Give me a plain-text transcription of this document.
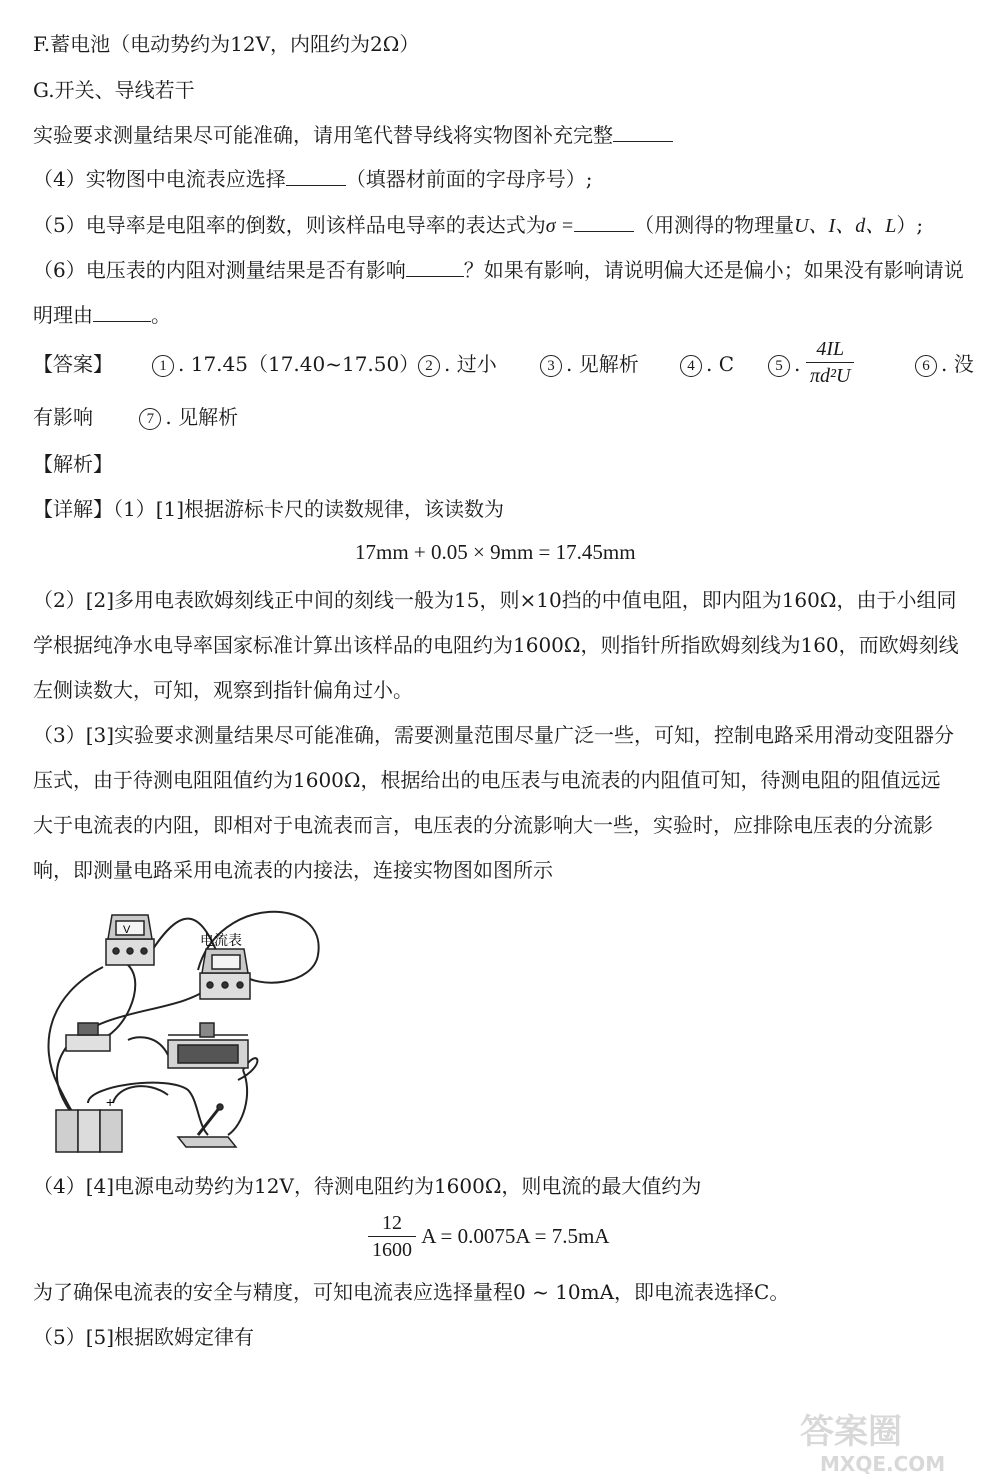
F.蓄电池（电动势约为12V，内阻约为2Ω）
G.开关、导线若干
实验要求测量结果尽可能准确，请用笔代替导线将实物图补充完整
（4）实物图中电流表应选择	（填器材前面的字母序号）;
（5）电导率是电阻率的倒数，则该样品电导率的表达式为σ =	（用测得的物理量U、I、d、L）;
（6）电压表的内阻对测量结果是否有影响	？如果有影响，请说明偏大还是偏小；如果没有影响请说
明理由	。
【答案】	1 . 17.45（17.40~17.50） 2 . 过小	3 . 见解析	4 . C	5 . $\frac{4IL}{\text{πd²U}}$	6 . 没
有影响	7 . 见解析
【解析】
【详解】（1）[1]根据游标卡尺的读数规律，该读数为
17mm + 0.05 × 9mm = 17.45mm
（2）[2]多用电表欧姆刻线正中间的刻线一般为15，则×10挡的中值电阻，即内阻为160Ω，由于小组同
学根据纯净水电导率国家标准计算出该样品的电阻约为1600Ω，则指针所指欧姆刻线为160，而欧姆刻线
左侧读数大，可知，观察到指针偏角过小。
（3）[3]实验要求测量结果尽可能准确，需要测量范围尽量广泛一些，可知，控制电路采用滑动变阻器分
压式，由于待测电阻阻值约为1600Ω，根据给出的电压表与电流表的内阻值可知，待测电阻的阻值远远
大于电流表的内阻，即相对于电流表而言，电压表的分流影响大一些，实验时，应排除电压表的分流影
响，即测量电路采用电流表的内接法，连接实物图如图所示
V
电流表
+
（4）[4]电源电动势约为12V，待测电阻约为1600Ω，则电流的最大值约为
$\frac{12}{1600}$ A = 0.0075A = 7.5mA
为了确保电流表的安全与精度，可知电流表应选择量程0 ~ 10mA，即电流表选择C。
（5）[5]根据欧姆定律有
答案圈
MXQE.COM
